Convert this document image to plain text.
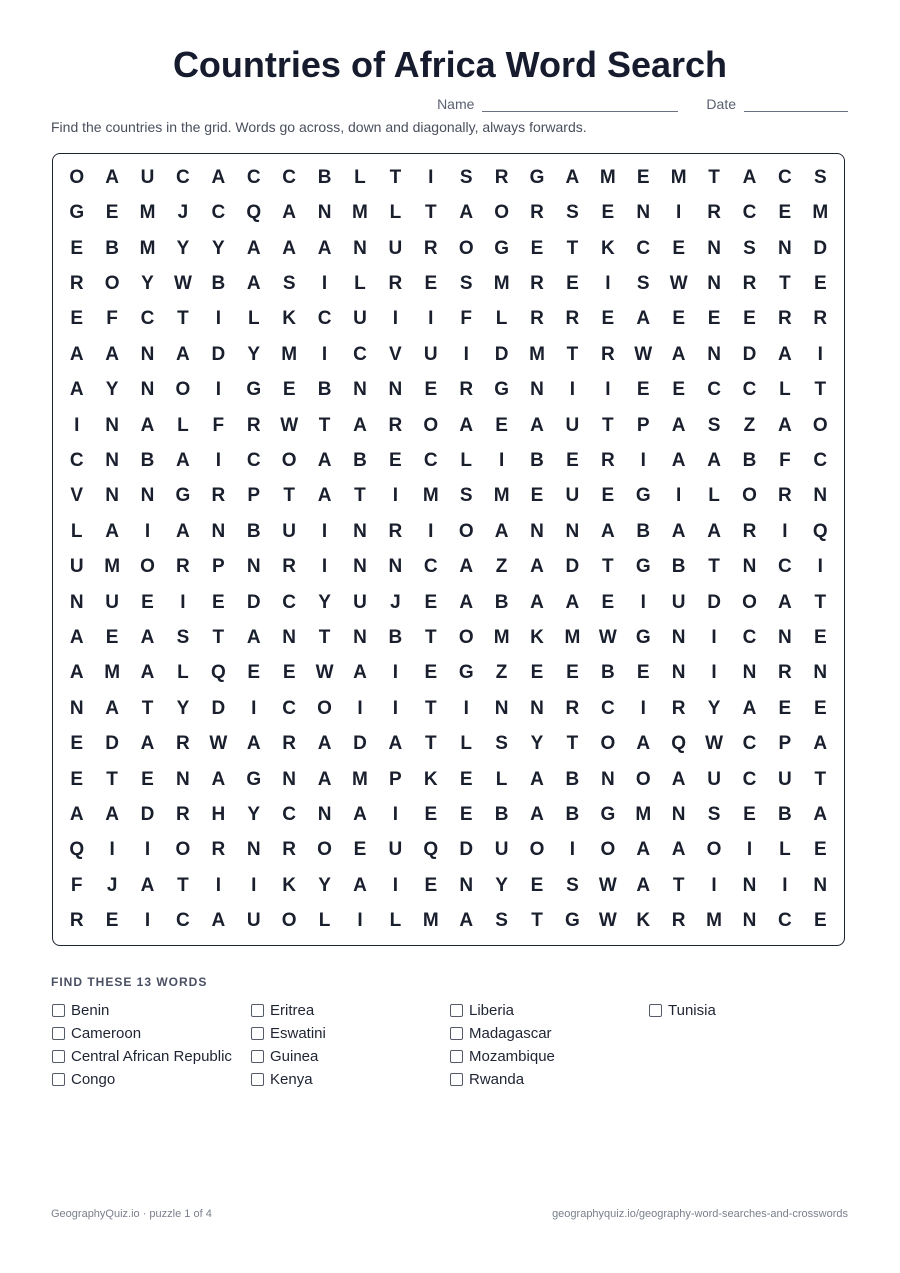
Countries of Africa Word Search
Name	Date
Find the countries in the grid. Words go across, down and diagonally, always forwards.
O	A	U	C	A	C	C	B	L	T	I	S	R	G	A	M	E	M	T	A	C	S
G	E	M	J	C	Q	A	N	M	L	T	A	O	R	S	E	N	I	R	C	E	M
E	B	M	Y	Y	A	A	A	N	U	R	O	G	E	T	K	C	E	N	S	N	D
R	O	Y	W	B	A	S	I	L	R	E	S	M	R	E	I	S	W	N	R	T	E
E	F	C	T	I	L	K	C	U	I	I	F	L	R	R	E	A	E	E	E	R	R
A	A	N	A	D	Y	M	I	C	V	U	I	D	M	T	R	W	A	N	D	A	I
A	Y	N	O	I	G	E	B	N	N	E	R	G	N	I	I	E	E	C	C	L	T
I	N	A	L	F	R	W	T	A	R	O	A	E	A	U	T	P	A	S	Z	A	O
C	N	B	A	I	C	O	A	B	E	C	L	I	B	E	R	I	A	A	B	F	C
V	N	N	G	R	P	T	A	T	I	M	S	M	E	U	E	G	I	L	O	R	N
L	A	I	A	N	B	U	I	N	R	I	O	A	N	N	A	B	A	A	R	I	Q
U	M	O	R	P	N	R	I	N	N	C	A	Z	A	D	T	G	B	T	N	C	I
N	U	E	I	E	D	C	Y	U	J	E	A	B	A	A	E	I	U	D	O	A	T
A	E	A	S	T	A	N	T	N	B	T	O	M	K	M W	G	N	I	C	N	E
A	M	A	L	Q	E	E	W	A	I	E	G	Z	E	E	B	E	N	I	N	R	N
N	A	T	Y	D	I	C	O	I	I	T	I	N	N	R	C	I	R	Y	A	E	E
E	D	A	R	W	A	R	A	D	A	T	L	S	Y	T	O	A	Q	W	C	P	A
E	T	E	N	A	G	N	A	M	P	K	E	L	A	B	N	O	A	U	C	U	T
A	A	D	R	H	Y	C	N	A	I	E	E	B	A	B	G	M	N	S	E	B	A
Q	I	I	O	R	N	R	O	E	U	Q	D	U	O	I	O	A	A	O	I	L	E
F	J	A	T	I	I	K	Y	A	I	E	N	Y	E	S	W	A	T	I	N	I	N
R	E	I	C	A	U	O	L	I	L	M	A	S	T	G	W	K	R	M	N	C	E
FIND THESE 13 WORDS
Benin
Cameroon
Central African Republic
Congo
Eritrea
Eswatini
Guinea
Kenya
Liberia
Madagascar
Mozambique
Rwanda
Tunisia
GeographyQuiz.io · puzzle 1 of 4	geographyquiz.io/geography-word-searches-and-crosswords
